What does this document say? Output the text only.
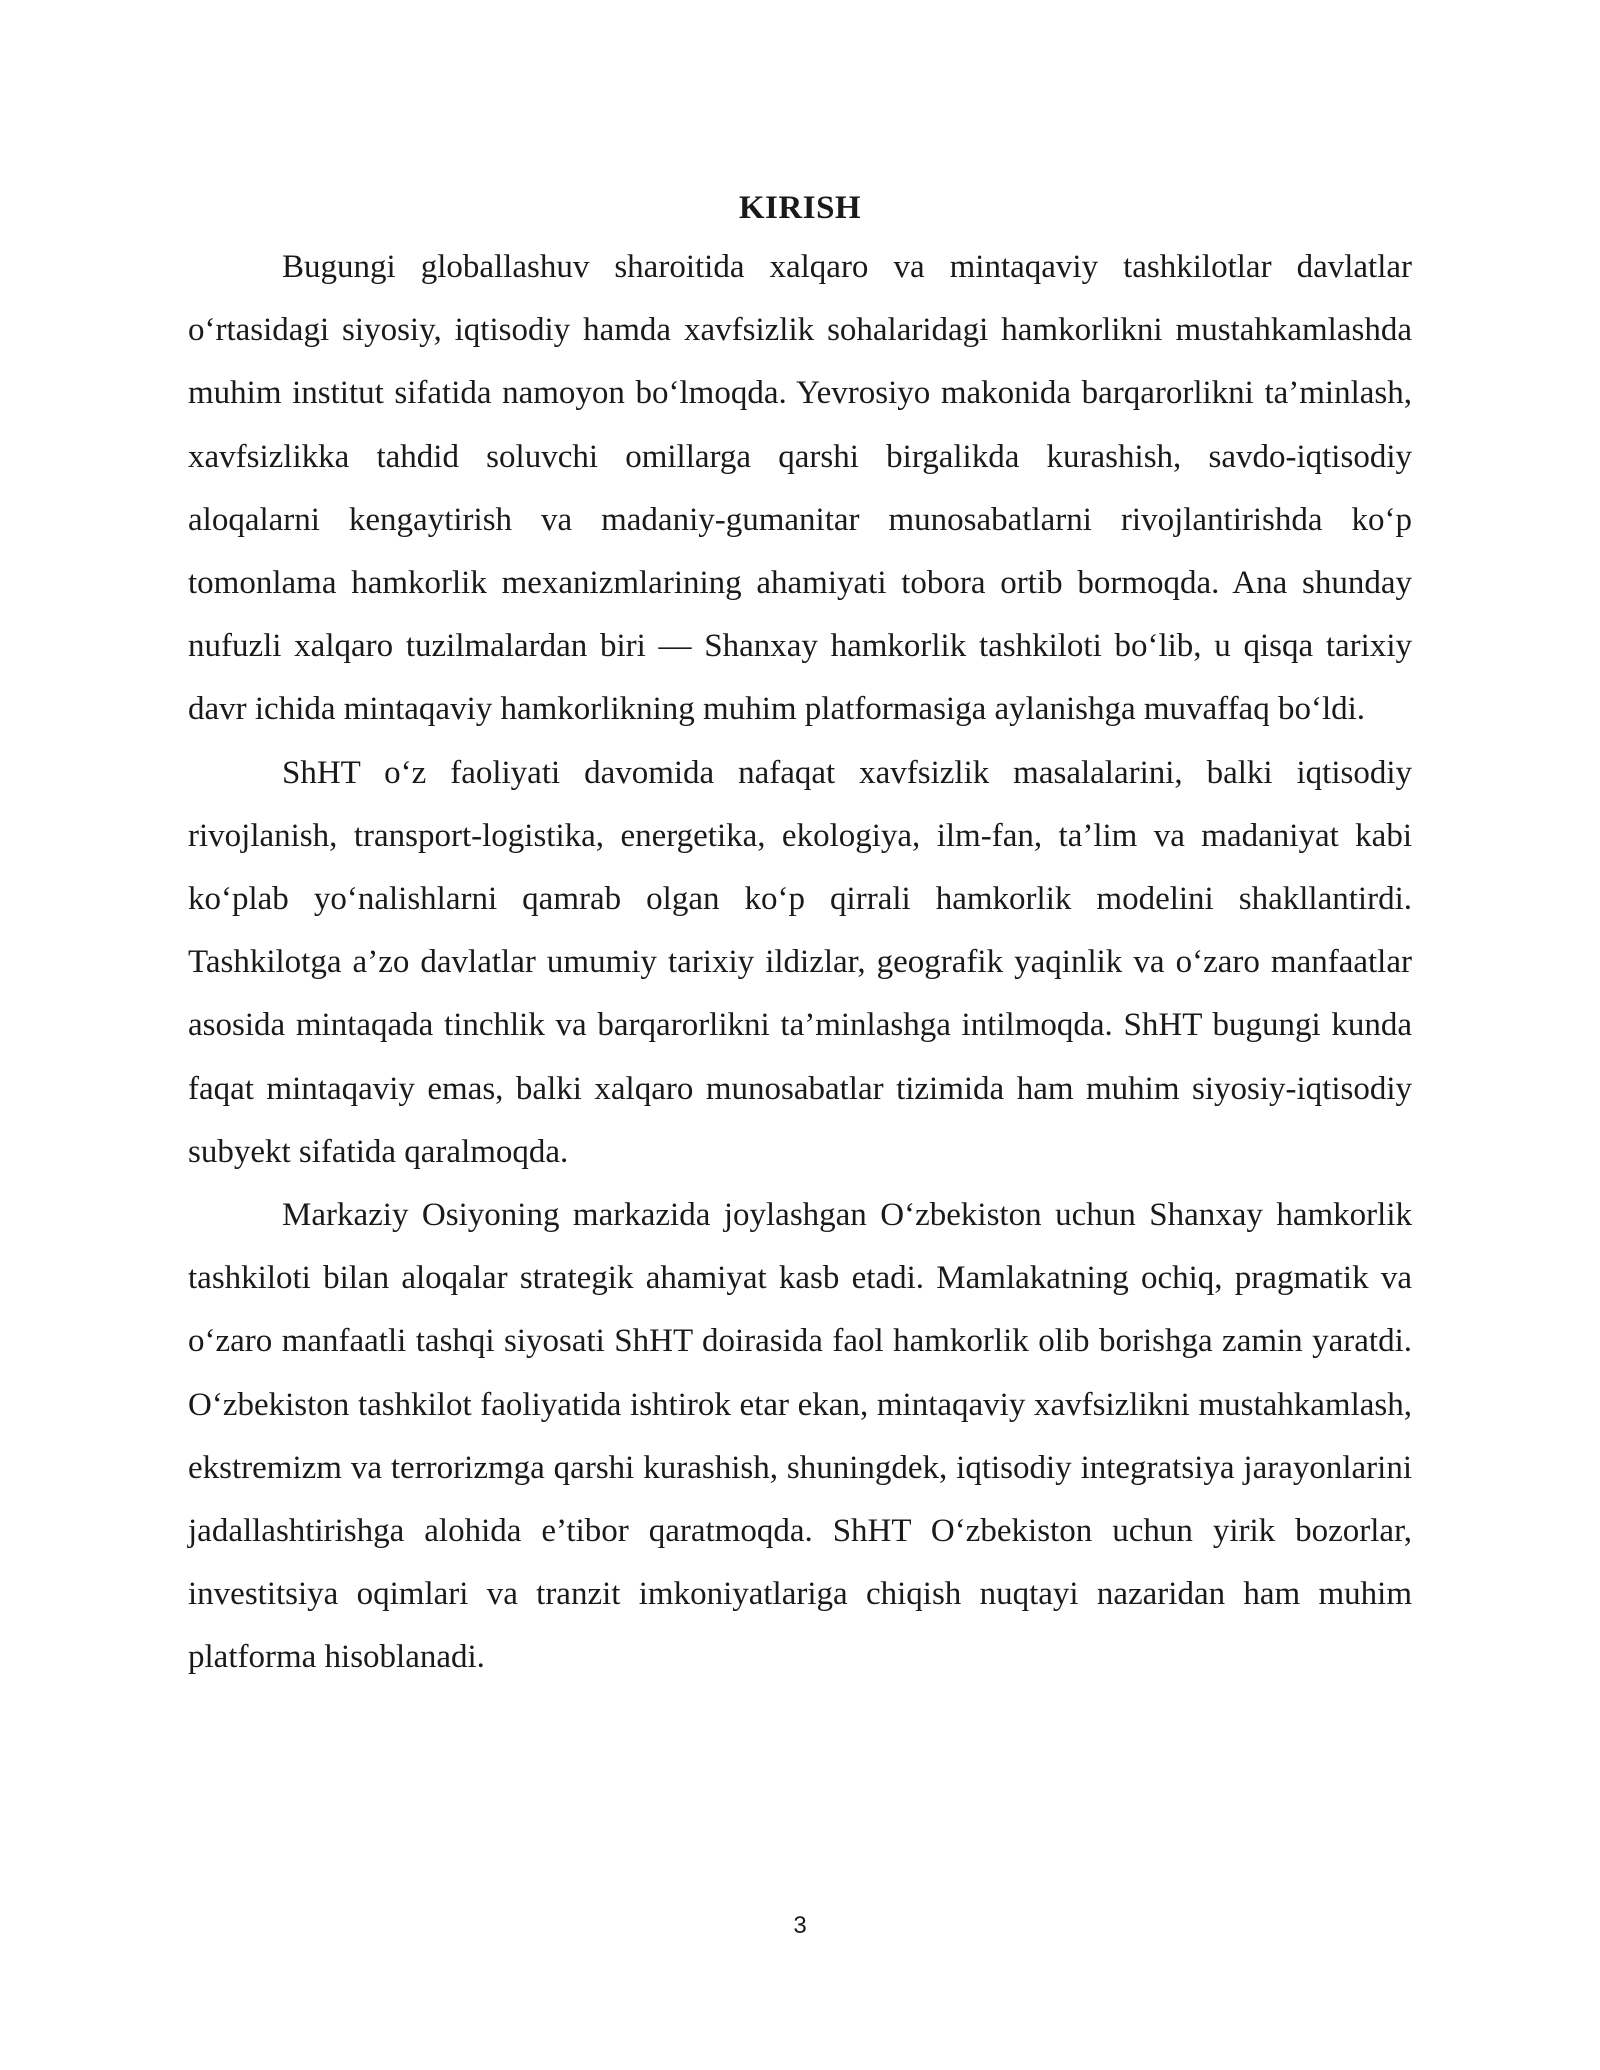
KIRISH

Bugungi globallashuv sharoitida xalqaro va mintaqaviy tashkilotlar davlatlar o‘rtasidagi siyosiy, iqtisodiy hamda xavfsizlik sohalaridagi hamkorlikni mustahkamlashda muhim institut sifatida namoyon bo‘lmoqda. Yevrosiyo makonida barqarorlikni ta’minlash, xavfsizlikka tahdid soluvchi omillarga qarshi birgalikda kurashish, savdo-iqtisodiy aloqalarni kengaytirish va madaniy-gumanitar munosabatlarni rivojlantirishda ko‘p tomonlama hamkorlik mexanizmlarining ahamiyati tobora ortib bormoqda. Ana shunday nufuzli xalqaro tuzilmalardan biri — Shanxay hamkorlik tashkiloti bo‘lib, u qisqa tarixiy davr ichida mintaqaviy hamkorlikning muhim platformasiga aylanishga muvaffaq bo‘ldi.

ShHT o‘z faoliyati davomida nafaqat xavfsizlik masalalarini, balki iqtisodiy rivojlanish, transport-logistika, energetika, ekologiya, ilm-fan, ta’lim va madaniyat kabi ko‘plab yo‘nalishlarni qamrab olgan ko‘p qirrali hamkorlik modelini shakllantirdi. Tashkilotga a’zo davlatlar umumiy tarixiy ildizlar, geografik yaqinlik va o‘zaro manfaatlar asosida mintaqada tinchlik va barqarorlikni ta’minlashga intilmoqda. ShHT bugungi kunda faqat mintaqaviy emas, balki xalqaro munosabatlar tizimida ham muhim siyosiy-iqtisodiy subyekt sifatida qaralmoqda.

Markaziy Osiyoning markazida joylashgan O‘zbekiston uchun Shanxay hamkorlik tashkiloti bilan aloqalar strategik ahamiyat kasb etadi. Mamlakatning ochiq, pragmatik va o‘zaro manfaatli tashqi siyosati ShHT doirasida faol hamkorlik olib borishga zamin yaratdi. O‘zbekiston tashkilot faoliyatida ishtirok etar ekan, mintaqaviy xavfsizlikni mustahkamlash, ekstremizm va terrorizmga qarshi kurashish, shuningdek, iqtisodiy integratsiya jarayonlarini jadallashtirishga alohida e’tibor qaratmoqda. ShHT O‘zbekiston uchun yirik bozorlar, investitsiya oqimlari va tranzit imkoniyatlariga chiqish nuqtayi nazaridan ham muhim platforma hisoblanadi.

3
